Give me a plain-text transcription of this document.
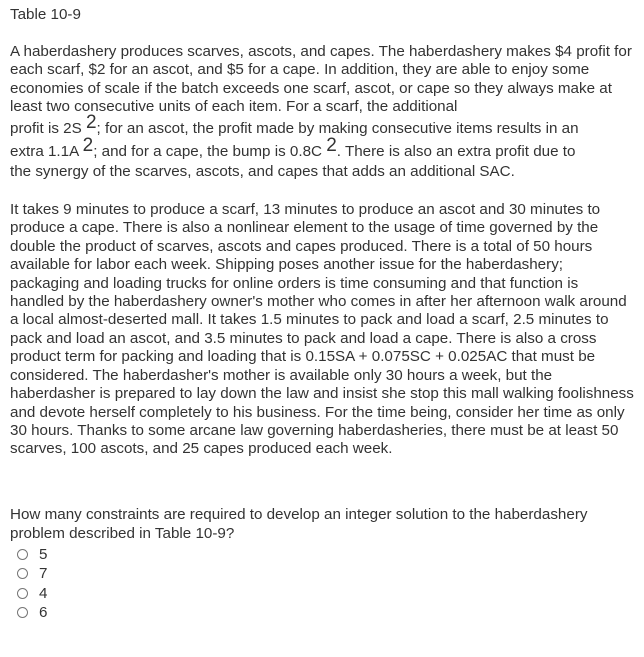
Table 10-9

A haberdashery produces scarves, ascots, and capes. The haberdashery makes $4 profit for each scarf, $2 for an ascot, and $5 for a cape. In addition, they are able to enjoy some economies of scale if the batch exceeds one scarf, ascot, or cape so they always make at least two consecutive units of each item. For a scarf, the additional
profit is 2S $^2$; for an ascot, the profit made by making consecutive items results in an
extra 1.1A $^2$; and for a cape, the bump is 0.8C $^2$. There is also an extra profit due to
the synergy of the scarves, ascots, and capes that adds an additional SAC.

It takes 9 minutes to produce a scarf, 13 minutes to produce an ascot and 30 minutes to produce a cape. There is also a nonlinear element to the usage of time governed by the double the product of scarves, ascots and capes produced. There is a total of 50 hours available for labor each week. Shipping poses another issue for the haberdashery; packaging and loading trucks for online orders is time consuming and that function is handled by the haberdashery owner's mother who comes in after her afternoon walk around a local almost-deserted mall. It takes 1.5 minutes to pack and load a scarf, 2.5 minutes to pack and load an ascot, and 3.5 minutes to pack and load a cape. There is also a cross product term for packing and loading that is 0.15SA + 0.075SC + 0.025AC that must be considered. The haberdasher's mother is available only 30 hours a week, but the haberdasher is prepared to lay down the law and insist she stop this mall walking foolishness and devote herself completely to his business. For the time being, consider her time as only 30 hours. Thanks to some arcane law governing haberdasheries, there must be at least 50 scarves, 100 ascots, and 25 capes produced each week.

How many constraints are required to develop an integer solution to the haberdashery problem described in Table 10-9?

5
7
4
6
